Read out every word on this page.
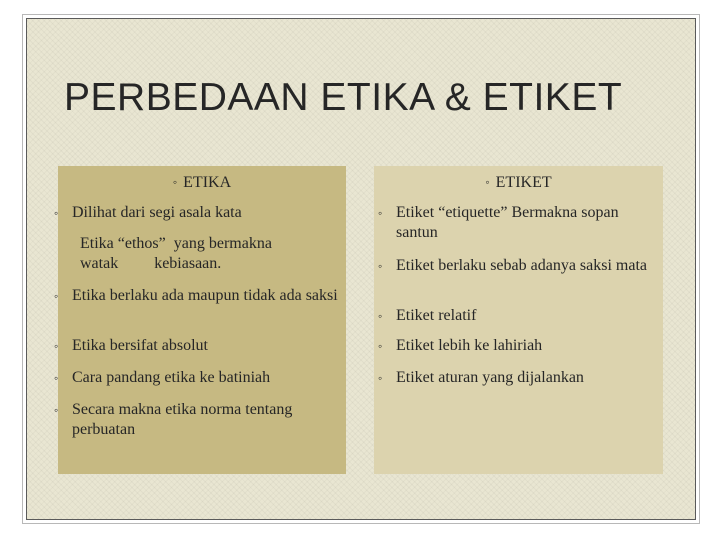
PERBEDAAN ETIKA & ETIKET
◦ ETIKA
◦ Dilihat dari segi asala kata
Etika “ethos”  yang bermakna
watak         kebiasaan.
◦ Etika berlaku ada maupun tidak ada saksi
◦ Etika bersifat absolut
◦ Cara pandang etika ke batiniah
◦ Secara makna etika norma tentang perbuatan
◦ ETIKET
◦ Etiket “etiquette” Bermakna sopan santun
◦ Etiket berlaku sebab adanya saksi mata
◦ Etiket relatif
◦ Etiket lebih ke lahiriah
◦ Etiket aturan yang dijalankan
